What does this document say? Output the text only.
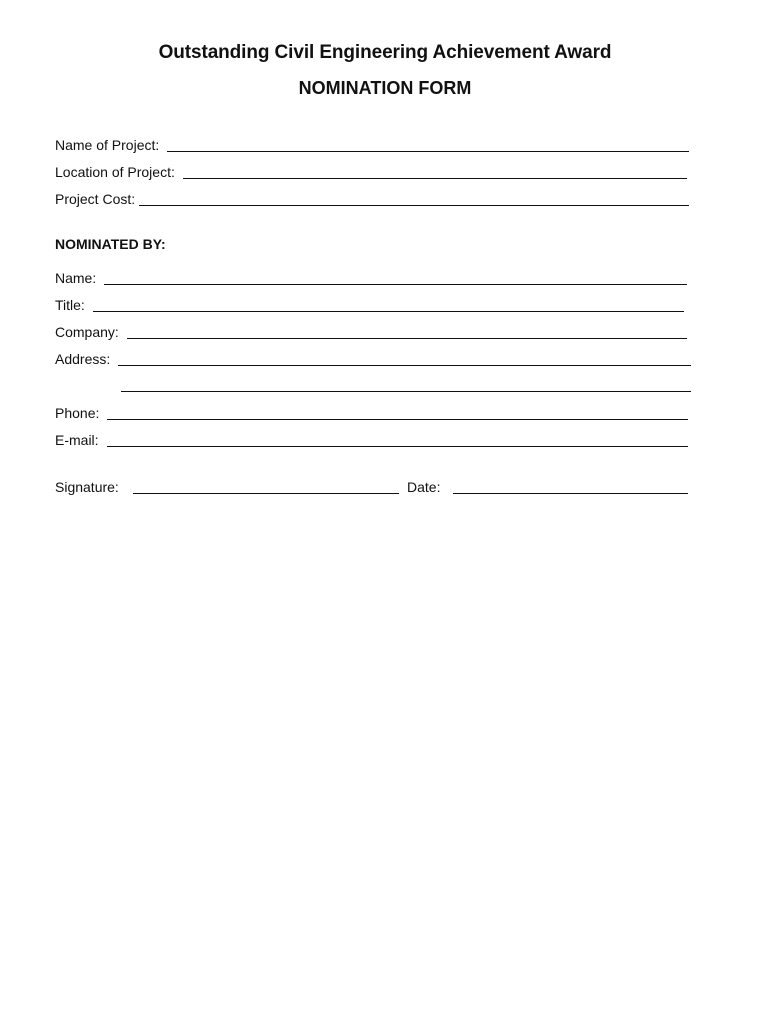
Outstanding Civil Engineering Achievement Award
NOMINATION FORM
Name of Project:
Location of Project:
Project Cost:
NOMINATED BY:
Name:
Title:
Company:
Address:
Phone:
E-mail:
Signature:	Date:
